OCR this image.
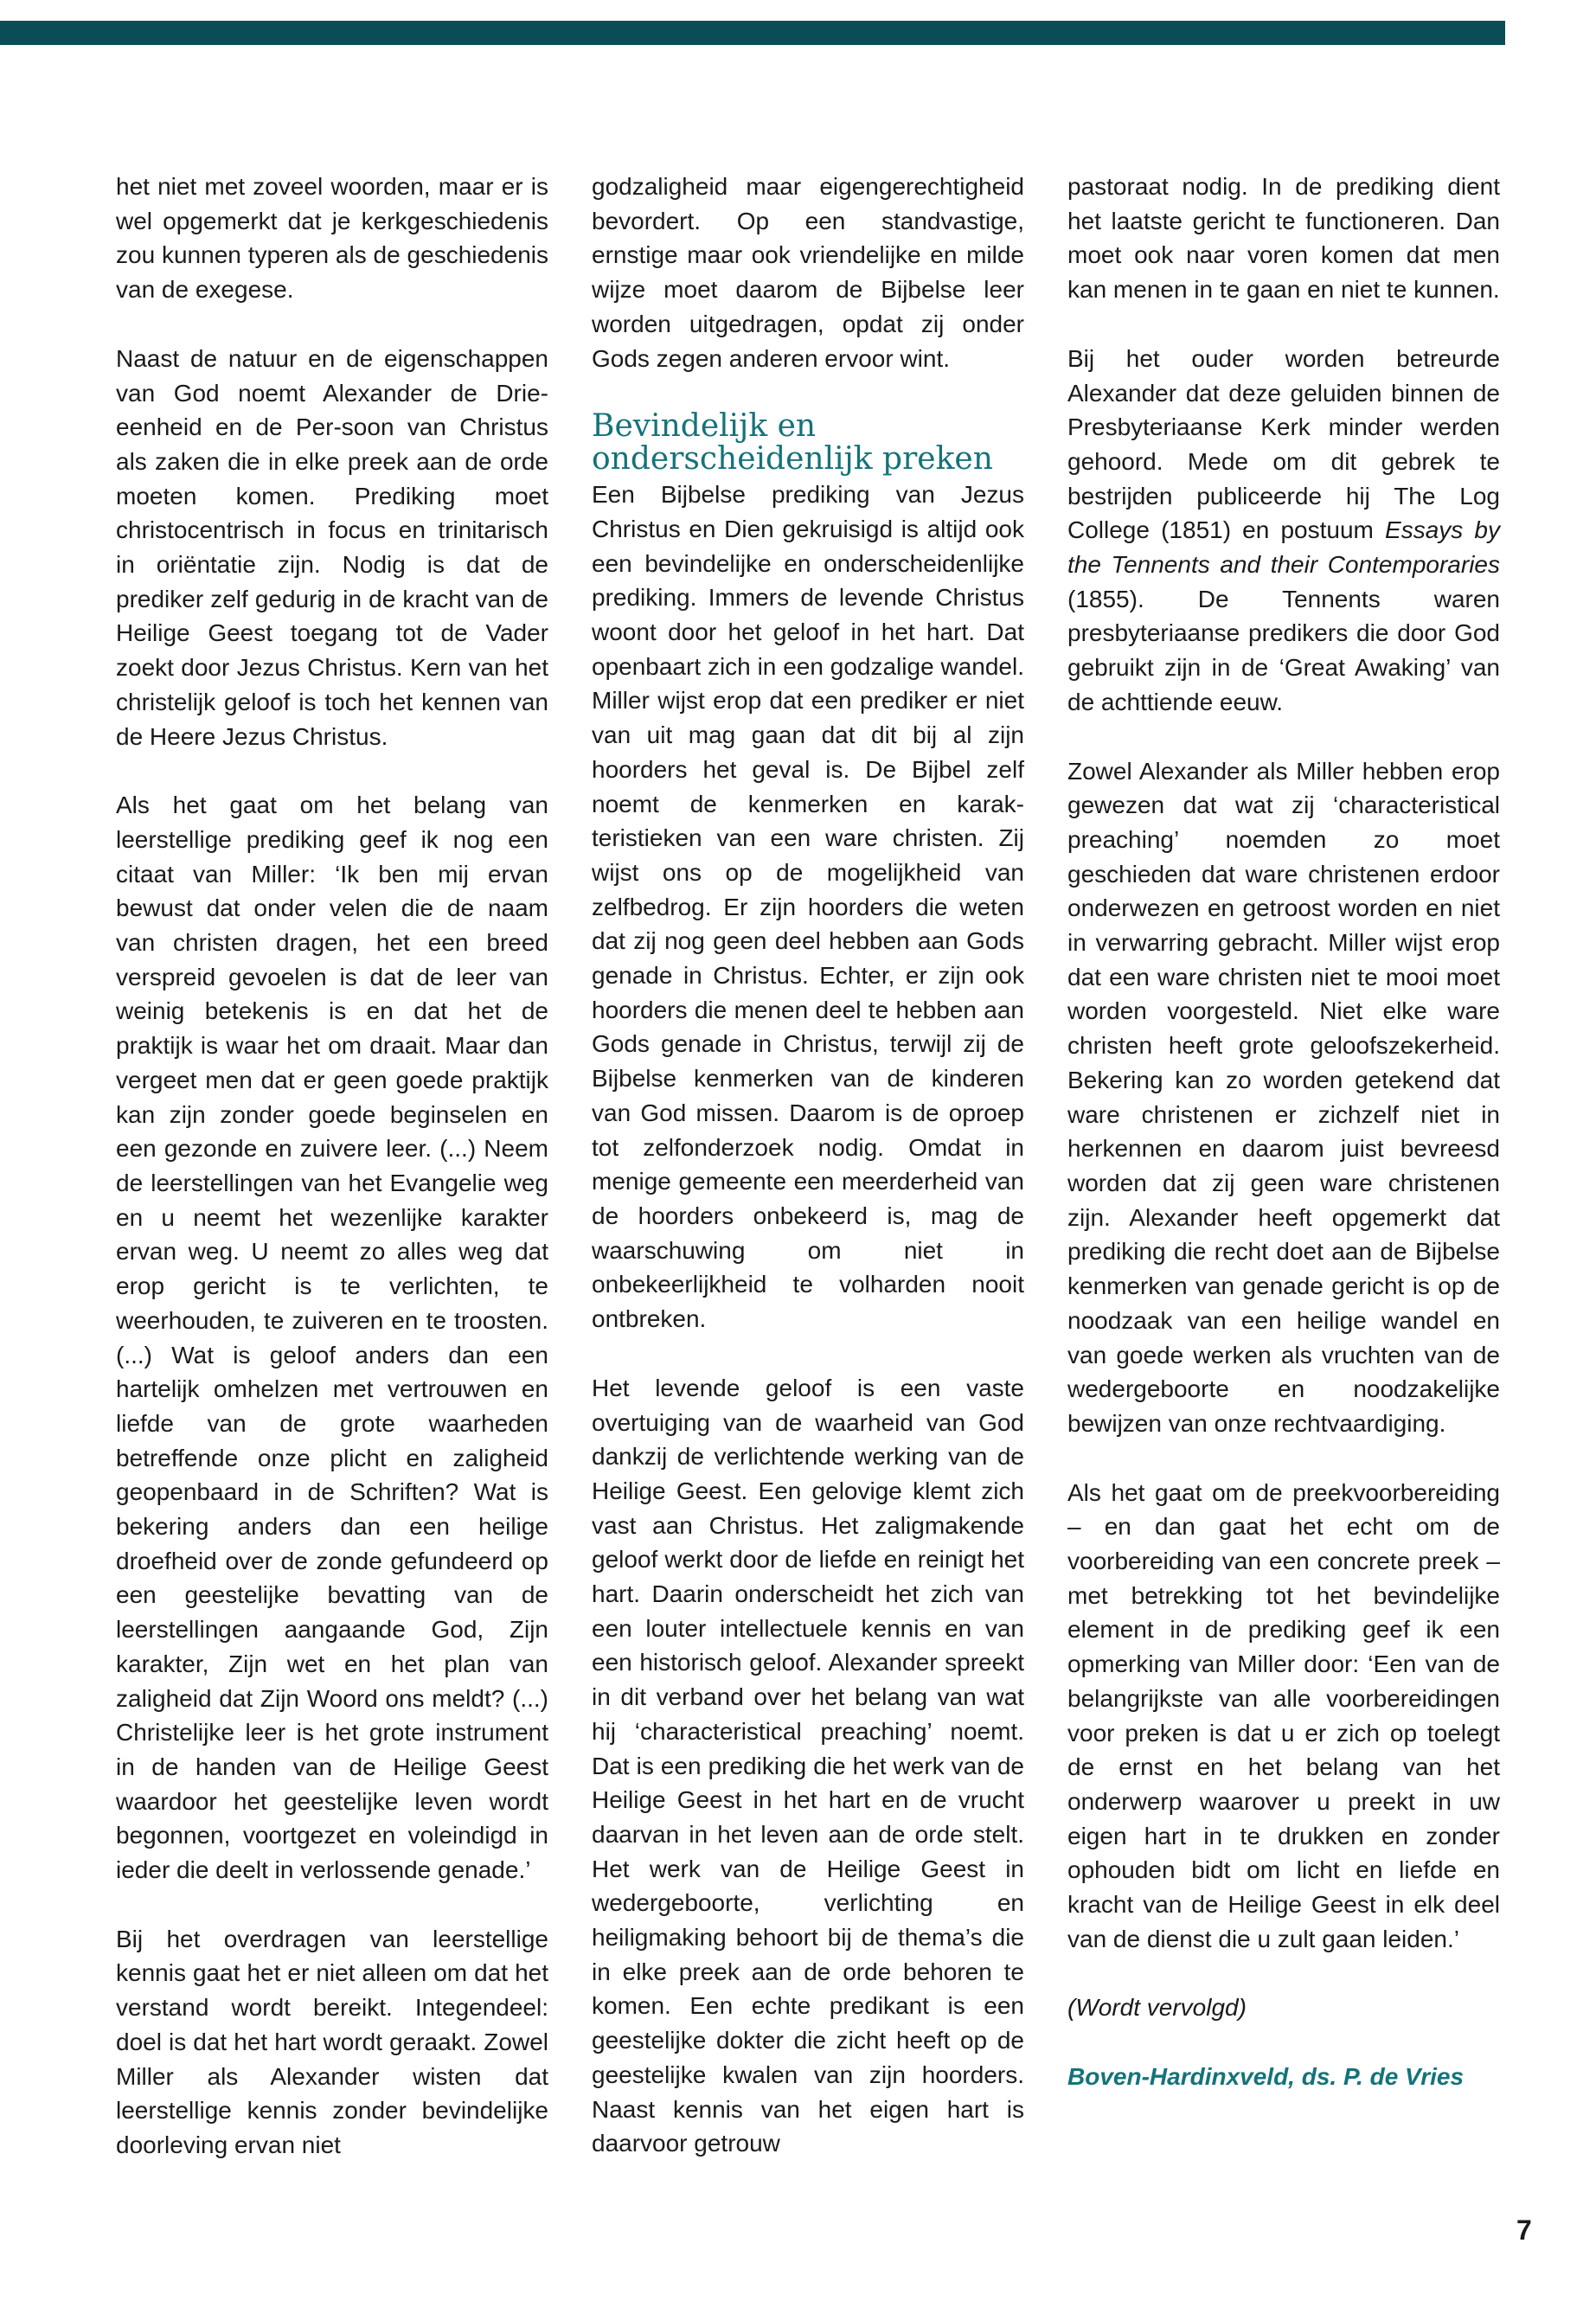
het niet met zoveel woorden, maar er is wel opgemerkt dat je kerkgeschiedenis zou kunnen typeren als de geschiedenis van de exegese.

Naast de natuur en de eigenschappen van God noemt Alexander de Drie-eenheid en de Per-soon van Christus als zaken die in elke preek aan de orde moeten komen. Prediking moet christocentrisch in focus en trinitarisch in oriëntatie zijn. Nodig is dat de prediker zelf gedurig in de kracht van de Heilige Geest toegang tot de Vader zoekt door Jezus Christus. Kern van het christelijk geloof is toch het kennen van de Heere Jezus Christus.

Als het gaat om het belang van leerstellige prediking geef ik nog een citaat van Miller: ‘Ik ben mij ervan bewust dat onder velen die de naam van christen dragen, het een breed verspreid gevoelen is dat de leer van weinig betekenis is en dat het de praktijk is waar het om draait. Maar dan vergeet men dat er geen goede praktijk kan zijn zonder goede beginselen en een gezonde en zuivere leer. (...) Neem de leerstellingen van het Evangelie weg en u neemt het wezenlijke karakter ervan weg. U neemt zo alles weg dat erop gericht is te verlichten, te weerhouden, te zuiveren en te troosten. (...) Wat is geloof anders dan een hartelijk omhelzen met vertrouwen en liefde van de grote waarheden betreffende onze plicht en zaligheid geopenbaard in de Schriften? Wat is bekering anders dan een heilige droefheid over de zonde gefundeerd op een geestelijke bevatting van de leerstellingen aangaande God, Zijn karakter, Zijn wet en het plan van zaligheid dat Zijn Woord ons meldt? (...) Christelijke leer is het grote instrument in de handen van de Heilige Geest waardoor het geestelijke leven wordt begonnen, voortgezet en voleindigd in ieder die deelt in verlossende genade.’

Bij het overdragen van leerstellige kennis gaat het er niet alleen om dat het verstand wordt bereikt. Integendeel: doel is dat het hart wordt geraakt. Zowel Miller als Alexander wisten dat leerstellige kennis zonder bevindelijke doorleving ervan niet

godzaligheid maar eigengerechtigheid bevordert. Op een standvastige, ernstige maar ook vriendelijke en milde wijze moet daarom de Bijbelse leer worden uitgedragen, opdat zij onder Gods zegen anderen ervoor wint.

Bevindelijk en onderscheidenlijk preken

Een Bijbelse prediking van Jezus Christus en Dien gekruisigd is altijd ook een bevindelijke en onderscheidenlijke prediking. Immers de levende Christus woont door het geloof in het hart. Dat openbaart zich in een godzalige wandel. Miller wijst erop dat een prediker er niet van uit mag gaan dat dit bij al zijn hoorders het geval is. De Bijbel zelf noemt de kenmerken en karak-teristieken van een ware christen. Zij wijst ons op de mogelijkheid van zelfbedrog. Er zijn hoorders die weten dat zij nog geen deel hebben aan Gods genade in Christus. Echter, er zijn ook hoorders die menen deel te hebben aan Gods genade in Christus, terwijl zij de Bijbelse kenmerken van de kinderen van God missen. Daarom is de oproep tot zelfonderzoek nodig. Omdat in menige gemeente een meerderheid van de hoorders onbekeerd is, mag de waarschuwing om niet in onbekeerlijkheid te volharden nooit ontbreken.

Het levende geloof is een vaste overtuiging van de waarheid van God dankzij de verlichtende werking van de Heilige Geest. Een gelovige klemt zich vast aan Christus. Het zaligmakende geloof werkt door de liefde en reinigt het hart. Daarin onderscheidt het zich van een louter intellectuele kennis en van een historisch geloof. Alexander spreekt in dit verband over het belang van wat hij ‘characteristical preaching’ noemt. Dat is een prediking die het werk van de Heilige Geest in het hart en de vrucht daarvan in het leven aan de orde stelt. Het werk van de Heilige Geest in wedergeboorte, verlichting en heiligmaking behoort bij de thema’s die in elke preek aan de orde behoren te komen. Een echte predikant is een geestelijke dokter die zicht heeft op de geestelijke kwalen van zijn hoorders. Naast kennis van het eigen hart is daarvoor getrouw

pastoraat nodig. In de prediking dient het laatste gericht te functioneren. Dan moet ook naar voren komen dat men kan menen in te gaan en niet te kunnen.

Bij het ouder worden betreurde Alexander dat deze geluiden binnen de Presbyteriaanse Kerk minder werden gehoord. Mede om dit gebrek te bestrijden publiceerde hij The Log College (1851) en postuum Essays by the Tennents and their Contemporaries (1855). De Tennents waren presbyteriaanse predikers die door God gebruikt zijn in de ‘Great Awaking’ van de achttiende eeuw.

Zowel Alexander als Miller hebben erop gewezen dat wat zij ‘characteristical preaching’ noemden zo moet geschieden dat ware christenen erdoor onderwezen en getroost worden en niet in verwarring gebracht. Miller wijst erop dat een ware christen niet te mooi moet worden voorgesteld. Niet elke ware christen heeft grote geloofszekerheid. Bekering kan zo worden getekend dat ware christenen er zichzelf niet in herkennen en daarom juist bevreesd worden dat zij geen ware christenen zijn. Alexander heeft opgemerkt dat prediking die recht doet aan de Bijbelse kenmerken van genade gericht is op de noodzaak van een heilige wandel en van goede werken als vruchten van de wedergeboorte en noodzakelijke bewijzen van onze rechtvaardiging.

Als het gaat om de preekvoorbereiding – en dan gaat het echt om de voorbereiding van een concrete preek – met betrekking tot het bevindelijke element in de prediking geef ik een opmerking van Miller door: ‘Een van de belangrijkste van alle voorbereidingen voor preken is dat u er zich op toelegt de ernst en het belang van het onderwerp waarover u preekt in uw eigen hart in te drukken en zonder ophouden bidt om licht en liefde en kracht van de Heilige Geest in elk deel van de dienst die u zult gaan leiden.’

(Wordt vervolgd)

Boven-Hardinxveld, ds. P. de Vries

7
